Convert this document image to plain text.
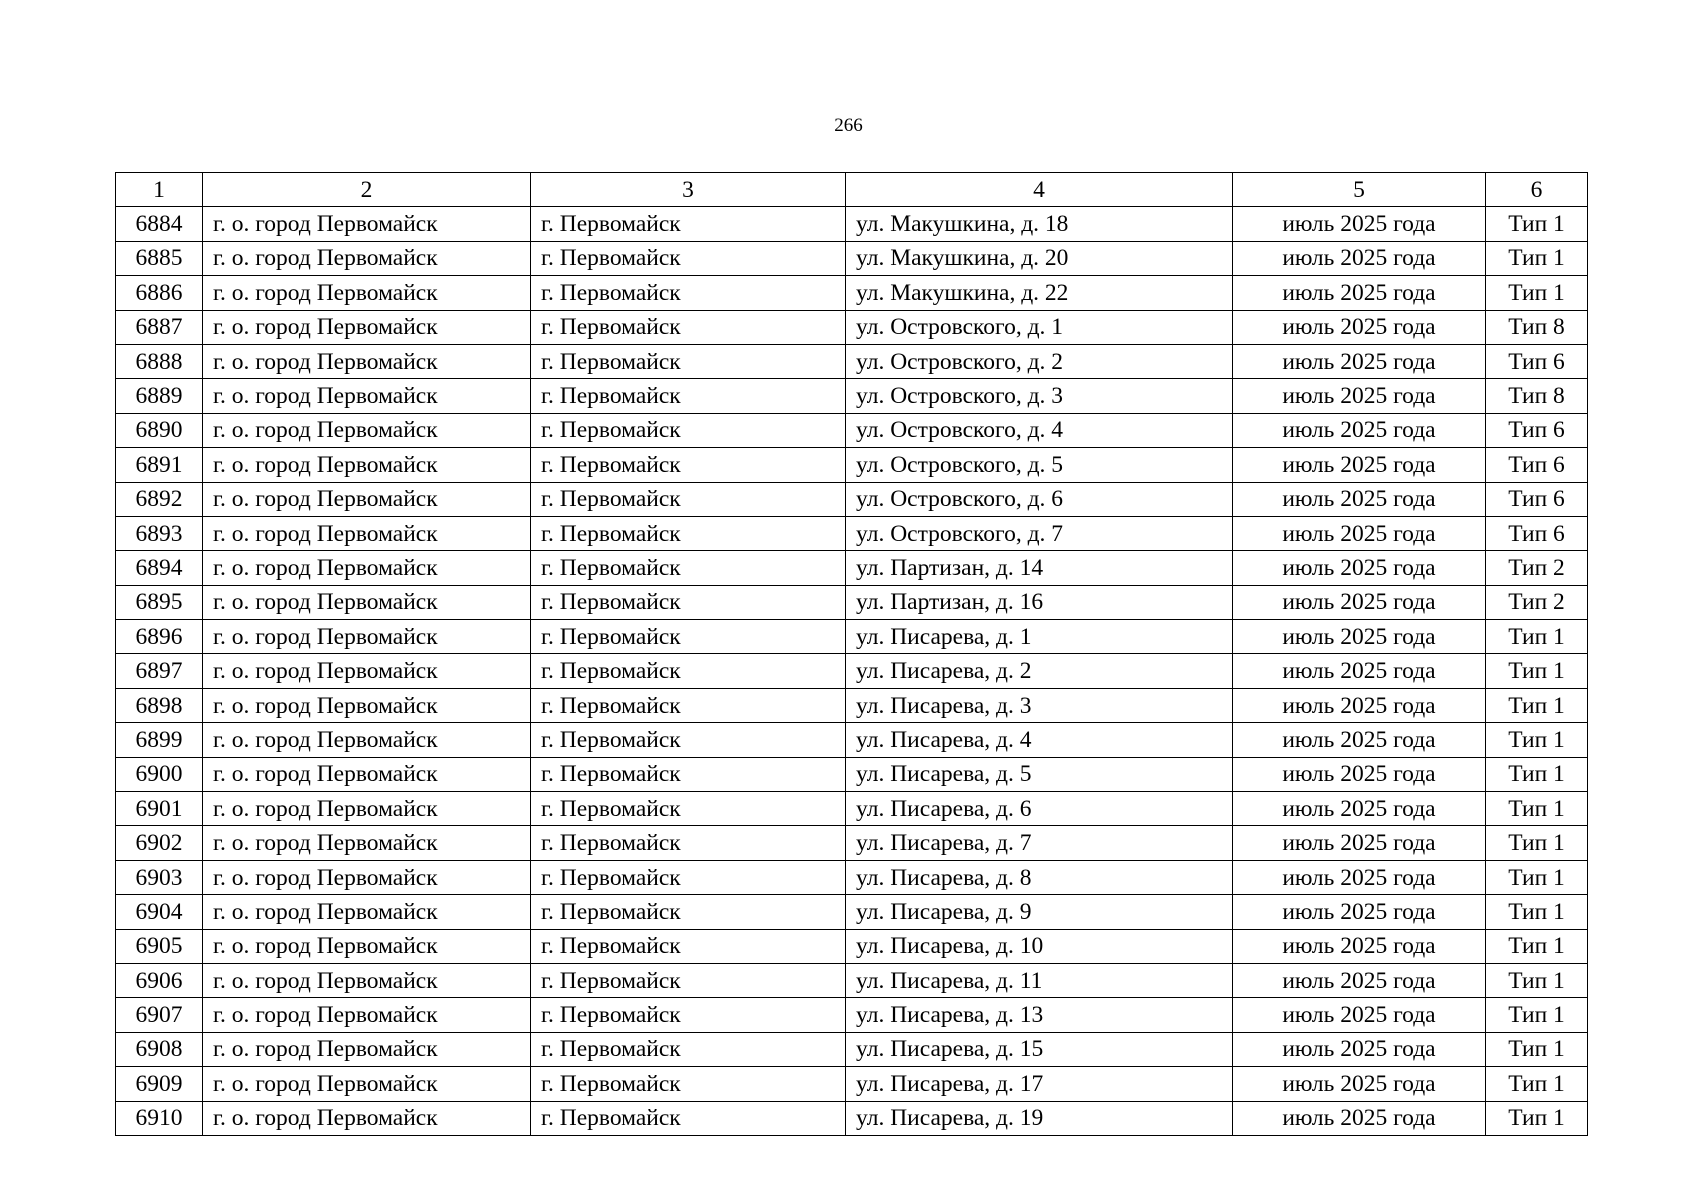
266
1	2	3	4	5	6
6884	г. о. город Первомайск	г. Первомайск	ул. Макушкина, д. 18	июль 2025 года	Тип 1
6885	г. о. город Первомайск	г. Первомайск	ул. Макушкина, д. 20	июль 2025 года	Тип 1
6886	г. о. город Первомайск	г. Первомайск	ул. Макушкина, д. 22	июль 2025 года	Тип 1
6887	г. о. город Первомайск	г. Первомайск	ул. Островского, д. 1	июль 2025 года	Тип 8
6888	г. о. город Первомайск	г. Первомайск	ул. Островского, д. 2	июль 2025 года	Тип 6
6889	г. о. город Первомайск	г. Первомайск	ул. Островского, д. 3	июль 2025 года	Тип 8
6890	г. о. город Первомайск	г. Первомайск	ул. Островского, д. 4	июль 2025 года	Тип 6
6891	г. о. город Первомайск	г. Первомайск	ул. Островского, д. 5	июль 2025 года	Тип 6
6892	г. о. город Первомайск	г. Первомайск	ул. Островского, д. 6	июль 2025 года	Тип 6
6893	г. о. город Первомайск	г. Первомайск	ул. Островского, д. 7	июль 2025 года	Тип 6
6894	г. о. город Первомайск	г. Первомайск	ул. Партизан, д. 14	июль 2025 года	Тип 2
6895	г. о. город Первомайск	г. Первомайск	ул. Партизан, д. 16	июль 2025 года	Тип 2
6896	г. о. город Первомайск	г. Первомайск	ул. Писарева, д. 1	июль 2025 года	Тип 1
6897	г. о. город Первомайск	г. Первомайск	ул. Писарева, д. 2	июль 2025 года	Тип 1
6898	г. о. город Первомайск	г. Первомайск	ул. Писарева, д. 3	июль 2025 года	Тип 1
6899	г. о. город Первомайск	г. Первомайск	ул. Писарева, д. 4	июль 2025 года	Тип 1
6900	г. о. город Первомайск	г. Первомайск	ул. Писарева, д. 5	июль 2025 года	Тип 1
6901	г. о. город Первомайск	г. Первомайск	ул. Писарева, д. 6	июль 2025 года	Тип 1
6902	г. о. город Первомайск	г. Первомайск	ул. Писарева, д. 7	июль 2025 года	Тип 1
6903	г. о. город Первомайск	г. Первомайск	ул. Писарева, д. 8	июль 2025 года	Тип 1
6904	г. о. город Первомайск	г. Первомайск	ул. Писарева, д. 9	июль 2025 года	Тип 1
6905	г. о. город Первомайск	г. Первомайск	ул. Писарева, д. 10	июль 2025 года	Тип 1
6906	г. о. город Первомайск	г. Первомайск	ул. Писарева, д. 11	июль 2025 года	Тип 1
6907	г. о. город Первомайск	г. Первомайск	ул. Писарева, д. 13	июль 2025 года	Тип 1
6908	г. о. город Первомайск	г. Первомайск	ул. Писарева, д. 15	июль 2025 года	Тип 1
6909	г. о. город Первомайск	г. Первомайск	ул. Писарева, д. 17	июль 2025 года	Тип 1
6910	г. о. город Первомайск	г. Первомайск	ул. Писарева, д. 19	июль 2025 года	Тип 1
